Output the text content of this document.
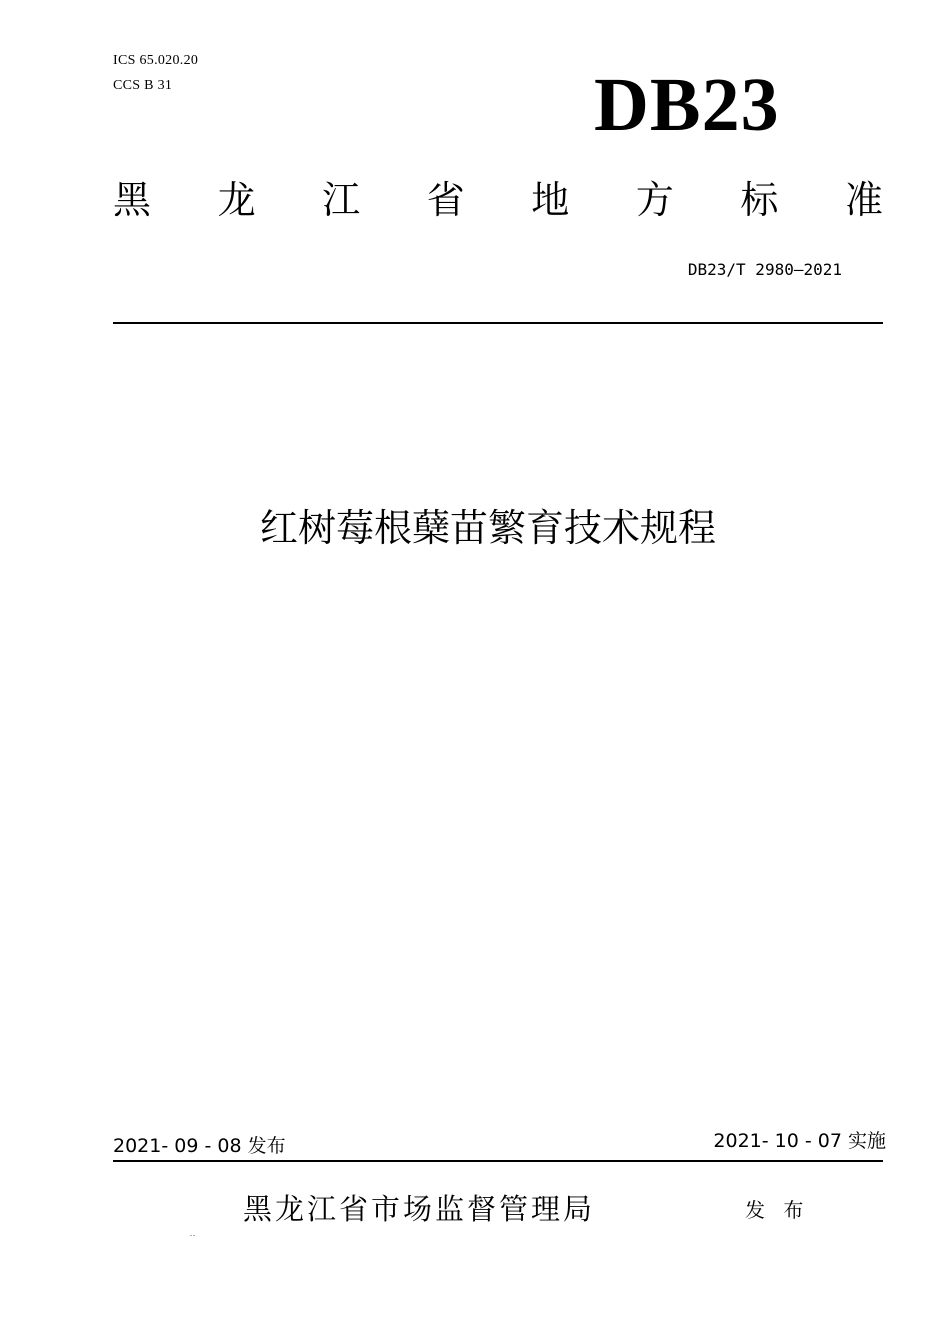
ICS 65.020.20
CCS B 31	DB23
黑 龙 江 省 地 方 标 准
DB23/T 2980—2021
红树莓根蘖苗繁育技术规程
2021- 09 - 08 发布	2021- 10 - 07 实施
黑龙江省市场监督管理局	发 布
